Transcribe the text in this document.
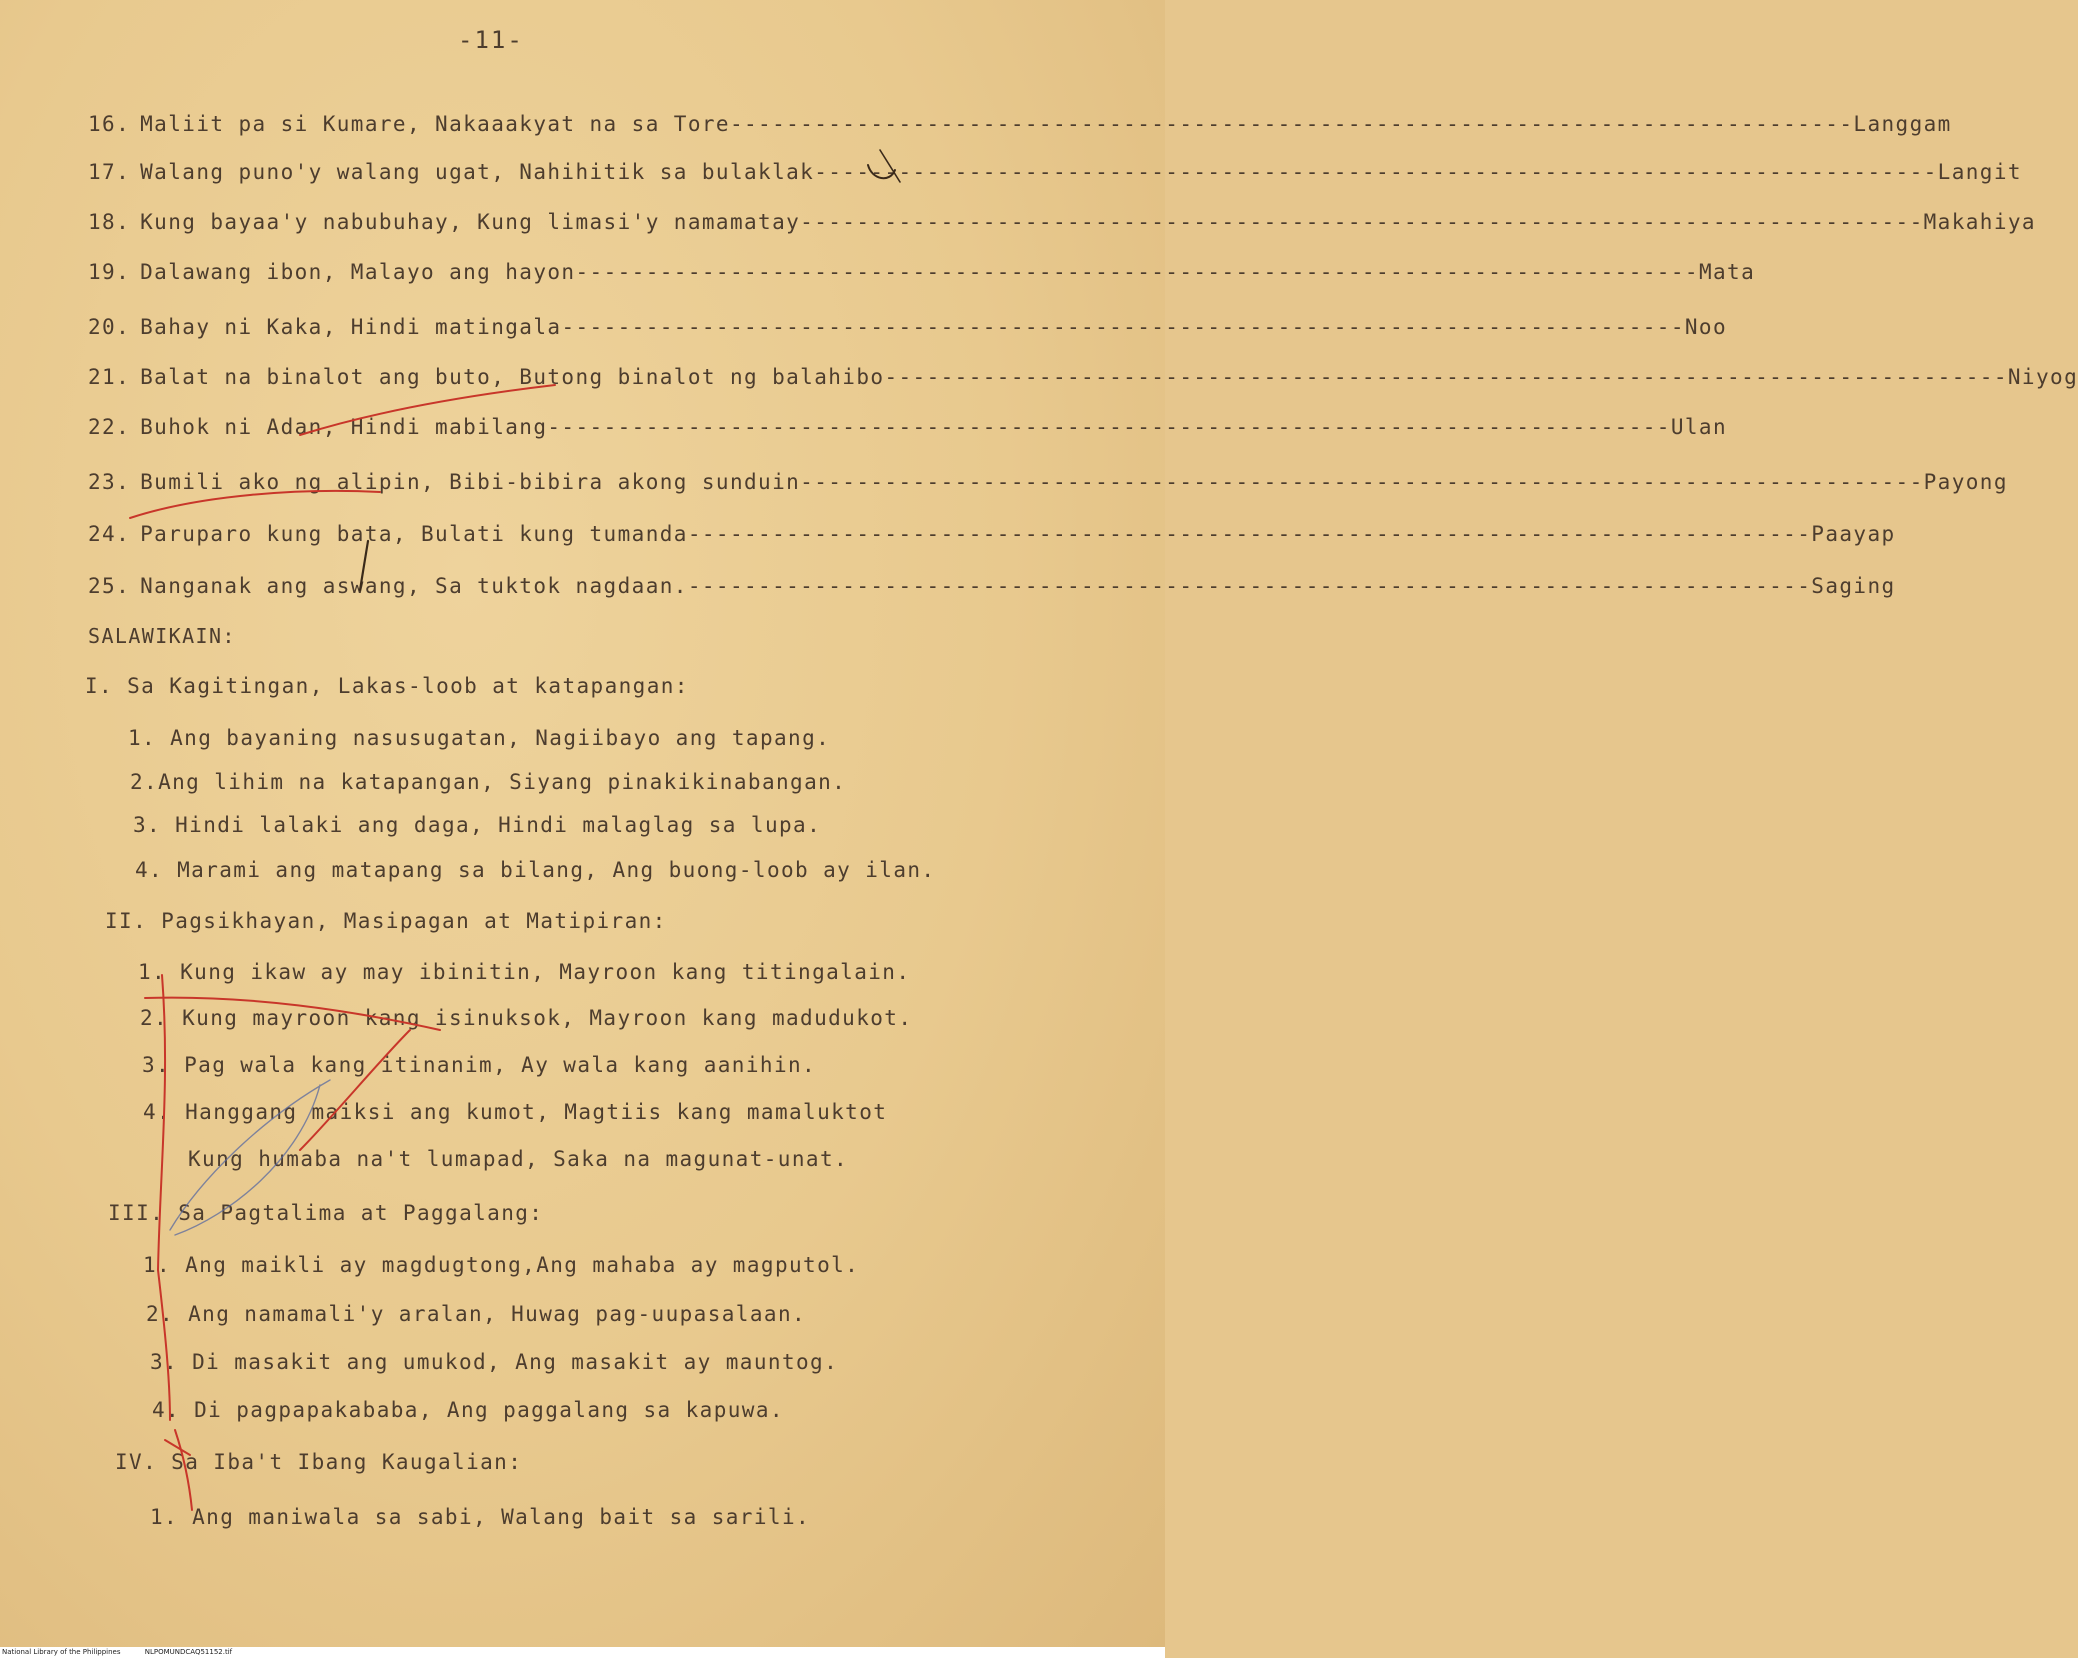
-11-
16. Maliit pa si Kumare, Nakaaakyat na sa Tore -------------------------------------------------------------------------------- Langgam
17. Walang puno'y walang ugat, Nahihitik sa bulaklak -------------------------------------------------------------------------------- Langit
18. Kung bayaa'y nabubuhay, Kung limasi'y namamatay -------------------------------------------------------------------------------- Makahiya
19. Dalawang ibon, Malayo ang hayon -------------------------------------------------------------------------------- Mata
20. Bahay ni Kaka, Hindi matingala -------------------------------------------------------------------------------- Noo
21. Balat na binalot ang buto, Butong binalot ng balahibo -------------------------------------------------------------------------------- Niyog
22. Buhok ni Adan, Hindi mabilang -------------------------------------------------------------------------------- Ulan
23. Bumili ako ng alipin, Bibi-bibira akong sunduin -------------------------------------------------------------------------------- Payong
24. Paruparo kung bata, Bulati kung tumanda -------------------------------------------------------------------------------- Paayap
25. Nanganak ang aswang, Sa tuktok nagdaan. -------------------------------------------------------------------------------- Saging
SALAWIKAIN:
I. Sa Kagitingan, Lakas-loob at katapangan:
1. Ang bayaning nasusugatan, Nagiibayo ang tapang.
2.Ang lihim na katapangan, Siyang pinakikinabangan.
3. Hindi lalaki ang daga, Hindi malaglag sa lupa.
4. Marami ang matapang sa bilang, Ang buong-loob ay ilan.
II. Pagsikhayan, Masipagan at Matipiran:
1. Kung ikaw ay may ibinitin, Mayroon kang titingalain.
2. Kung mayroon kang isinuksok, Mayroon kang madudukot.
3. Pag wala kang itinanim, Ay wala kang aanihin.
4. Hanggang maiksi ang kumot, Magtiis kang mamaluktot
Kung humaba na't lumapad, Saka na magunat-unat.
III. Sa Pagtalima at Paggalang:
1. Ang maikli ay magdugtong,Ang mahaba ay magputol.
2. Ang namamali'y aralan, Huwag pag-uupasalaan.
3. Di masakit ang umukod, Ang masakit ay mauntog.
4. Di pagpapakababa, Ang paggalang sa kapuwa.
IV. Sa Iba't Ibang Kaugalian:
1. Ang maniwala sa sabi, Walang bait sa sarili.
National Library of the Philippines	NLPOMUNDCAQ51152.tif
